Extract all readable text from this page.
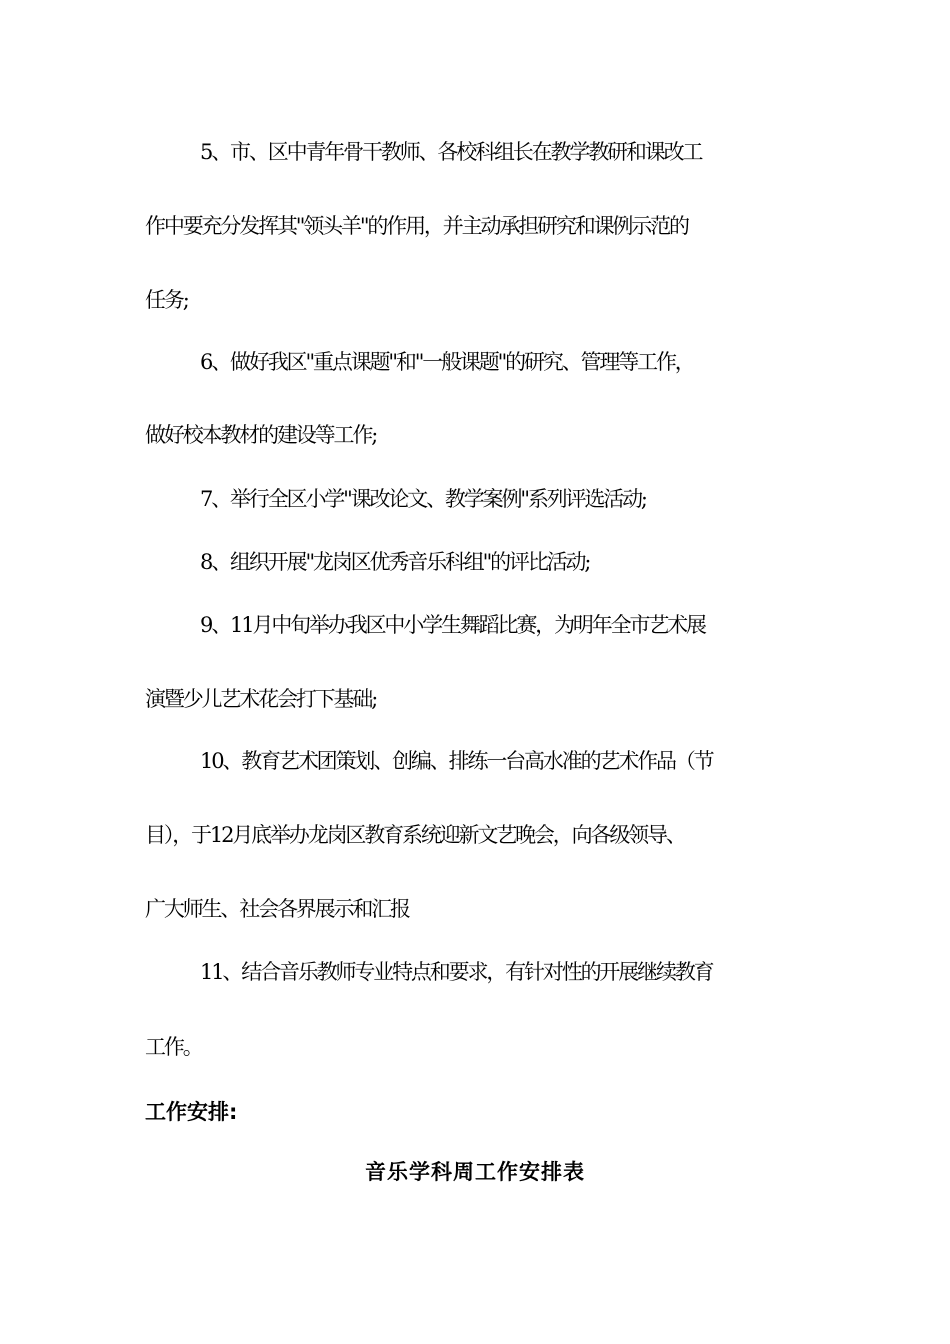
5、市、区中青年骨干教师、各校科组长在教学教研和课改工
作中要充分发挥其"领头羊"的作用，并主动承担研究和课例示范的
任务;
6、做好我区"重点课题"和"一般课题"的研究、管理等工作，
做好校本教材的建设等工作;
7、举行全区小学"课改论文、教学案例"系列评选活动;
8、组织开展"龙岗区优秀音乐科组"的评比活动;
9、11月中旬举办我区中小学生舞蹈比赛，为明年全市艺术展
演暨少儿艺术花会打下基础;
10、教育艺术团策划、创编、排练一台高水准的艺术作品（节
目），于12月底举办龙岗区教育系统迎新文艺晚会，向各级领导、
广大师生、社会各界展示和汇报
11、结合音乐教师专业特点和要求，有针对性的开展继续教育
工作。
工作安排:
音乐学科周工作安排表
